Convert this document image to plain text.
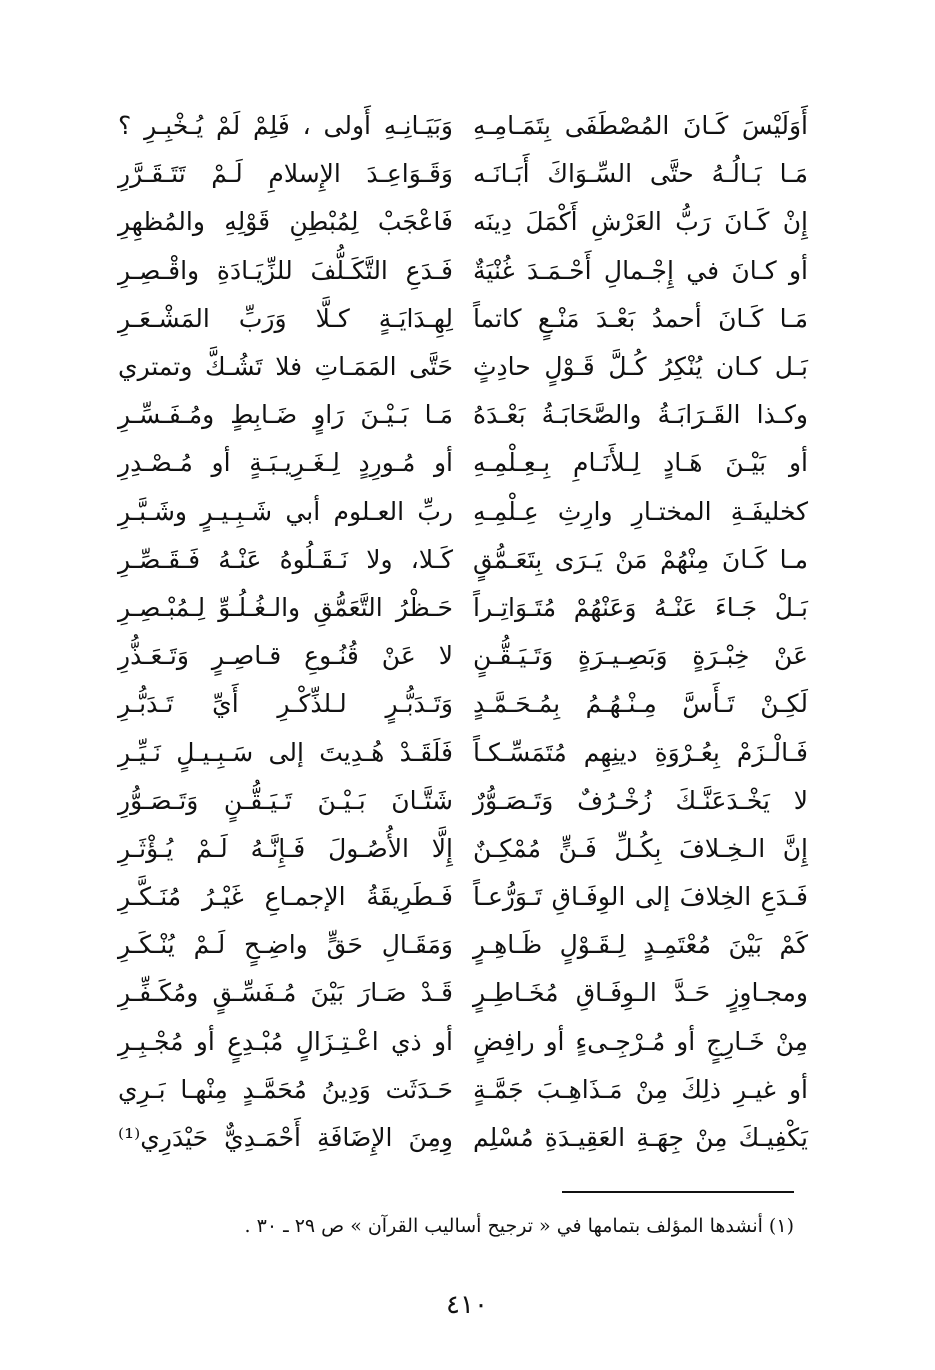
أَوَلَيْسَ كَـانَ المُصْطَفَى بِتَمَـامِـهِ
وَبَيَـانِـهِ أَولى ، فَلِمْ لَمْ يُـخْبِـرِ ؟
مَـا بَـالُـهُ حتَّى السِّـوَاكَ أَبَـانَـه
وَقَـوَاعِـدَ الإِسلامِ لَـمْ تَتَـقَـرَّرِ
إِنْ كَـانَ رَبُّ العَرْشِ أَكْمَلَ دِينَه
فَاعْجَبْ لِمُبْطِنِ قَوْلِهِ والمُظهِرِ
أو كـانَ في إِجْـمالِ أَحْـمَـدَ غُنْيَةٌ
فَـدَعِ التَّكَـلُّفَ للزِّيَـادَةِ واقْـصِـرِ
مَـا كَـانَ أحمدُ بَعْـدَ مَنْـعٍ كاتماً
لِهِـدَايَـةٍ كـلَّا وَرَبِّ المَشْـعَـرِ
بَـل كـان يُنْكِرُ كُـلَّ قَـوْلٍ حادِثٍ
حَتَّى المَمَـاتِ فلا تَشُـكَّ وتمتري
وكـذا القَـرَابَـةُ والصَّحَابَـةُ بَعْـدَهُ
مَـا بَـيْـنَ رَاوٍ ضَـابِطٍ ومُـفَـسِّـرِ
أو بَيْـنَ هَـادٍ لِـلأَنَـامِ بِـعِـلْمِـهِ
أو مُـورِدٍ لِـغَـرِيـبَـةٍ أو مُـصْـدِرِ
كخليفَـةِ المختـارِ وارِثِ عِـلْمِـهِ
ربِّ العـلوم أبي شَـبِـيـرٍ وشَـبَّـرِ
مـا كَـانَ مِنْهُمْ مَنْ يَـرَى بِتَعَـمُّقٍ
كَـلا، ولا نَـقَـلُوهُ عَنْـهُ فَـقَـصِّـرِ
بَـلْ جَـاءَ عَنْـهُ وَعَنْهُمْ مُتَـوَاتِـراً
حَـظْرُ التَّعَمُّقِ والـغُـلُـوِّ لِـمُبْـصِـرِ
عَنْ خِبْـرَةٍ وَبَصِـيـرَةٍ وَتَـيَـقُّـنٍ
لا عَنْ قُنُـوعِ قـاصِـرٍ وَتَـعَـذُّرِ
لَكِـنْ تَـأَسَّ مِـنْـهُـمُ بِمُـحَـمَّـدٍ
وَتَـدَبُّـرٍ لـلذِّكْـرِ أَيِّ تَـدَبُّـرِ
فَـالْـزَمْ بِعُـرْوَةِ دينِهِم مُتَمَسِّـكـاً
فَلَقَـدْ هُـدِيتَ إلى سَـبِـيـلٍ نَـيِّـرِ
لا يَخْـدَعَنَّـكَ زُخْـرُفٌ وَتَـصَـوُّرٌ
شَتَّـانَ بَـيْـنَ تَـيَـقُّـنٍ وَتَـصَـوُّرِ
إِنَّ الـخِـلافَ بِكُـلِّ فَـنٍّ مُمْكِـنٌ
إِلَّا الأُصُـولَ فَـإِنَّـهُ لَـمْ يُـؤْثَـرِ
فَـدَعِ الخِلافَ إلى الوِفَـاقِ تَـوَرُّعـاً
فَـطَرِيقَةُ الإجمـاعِ غَيْـرُ مُنَـكَّـرِ
كَمْ بَيْنَ مُعْتَمِـدٍ لِـقَـوْلٍ ظَـاهِـرٍ
وَمَقَـالِ حَقٍّ واضِـحٍ لَـمْ يُنْـكَـرِ
ومجـاوِزٍ حَـدَّ الـوِفَـاقِ مُخَـاطِـرٍ
قَـدْ صَـارَ بَيْنَ مُـفَسِّـقٍ ومُكَـفِّـرِ
مِنْ خَـارِجٍ أو مُـرْجِـىءٍ أو رافِضٍ
أو ذي اعْـتِـزَالٍ مُبْـدِعٍ أو مُجْـبِـرِ
أو غيـرِ ذلِكَ مِنْ مَـذَاهِـبَ جَمَّـةٍ
حَـدَثَت وَدِينُ مُحَمَّـدٍ مِنْهـا بَـرِي
يَكْفِيـكَ مِنْ جِهَـةِ العَقِيـدَةِ مُسْلِم
وِمِنَ الإِضَافَةِ أَحْمَـدِيٌّ حَيْدَرِي⁽¹⁾
(١) أنشدها المؤلف بتمامها في « ترجيح أساليب القرآن » ص ٢٩ ـ ٣٠ .
٤١٠
